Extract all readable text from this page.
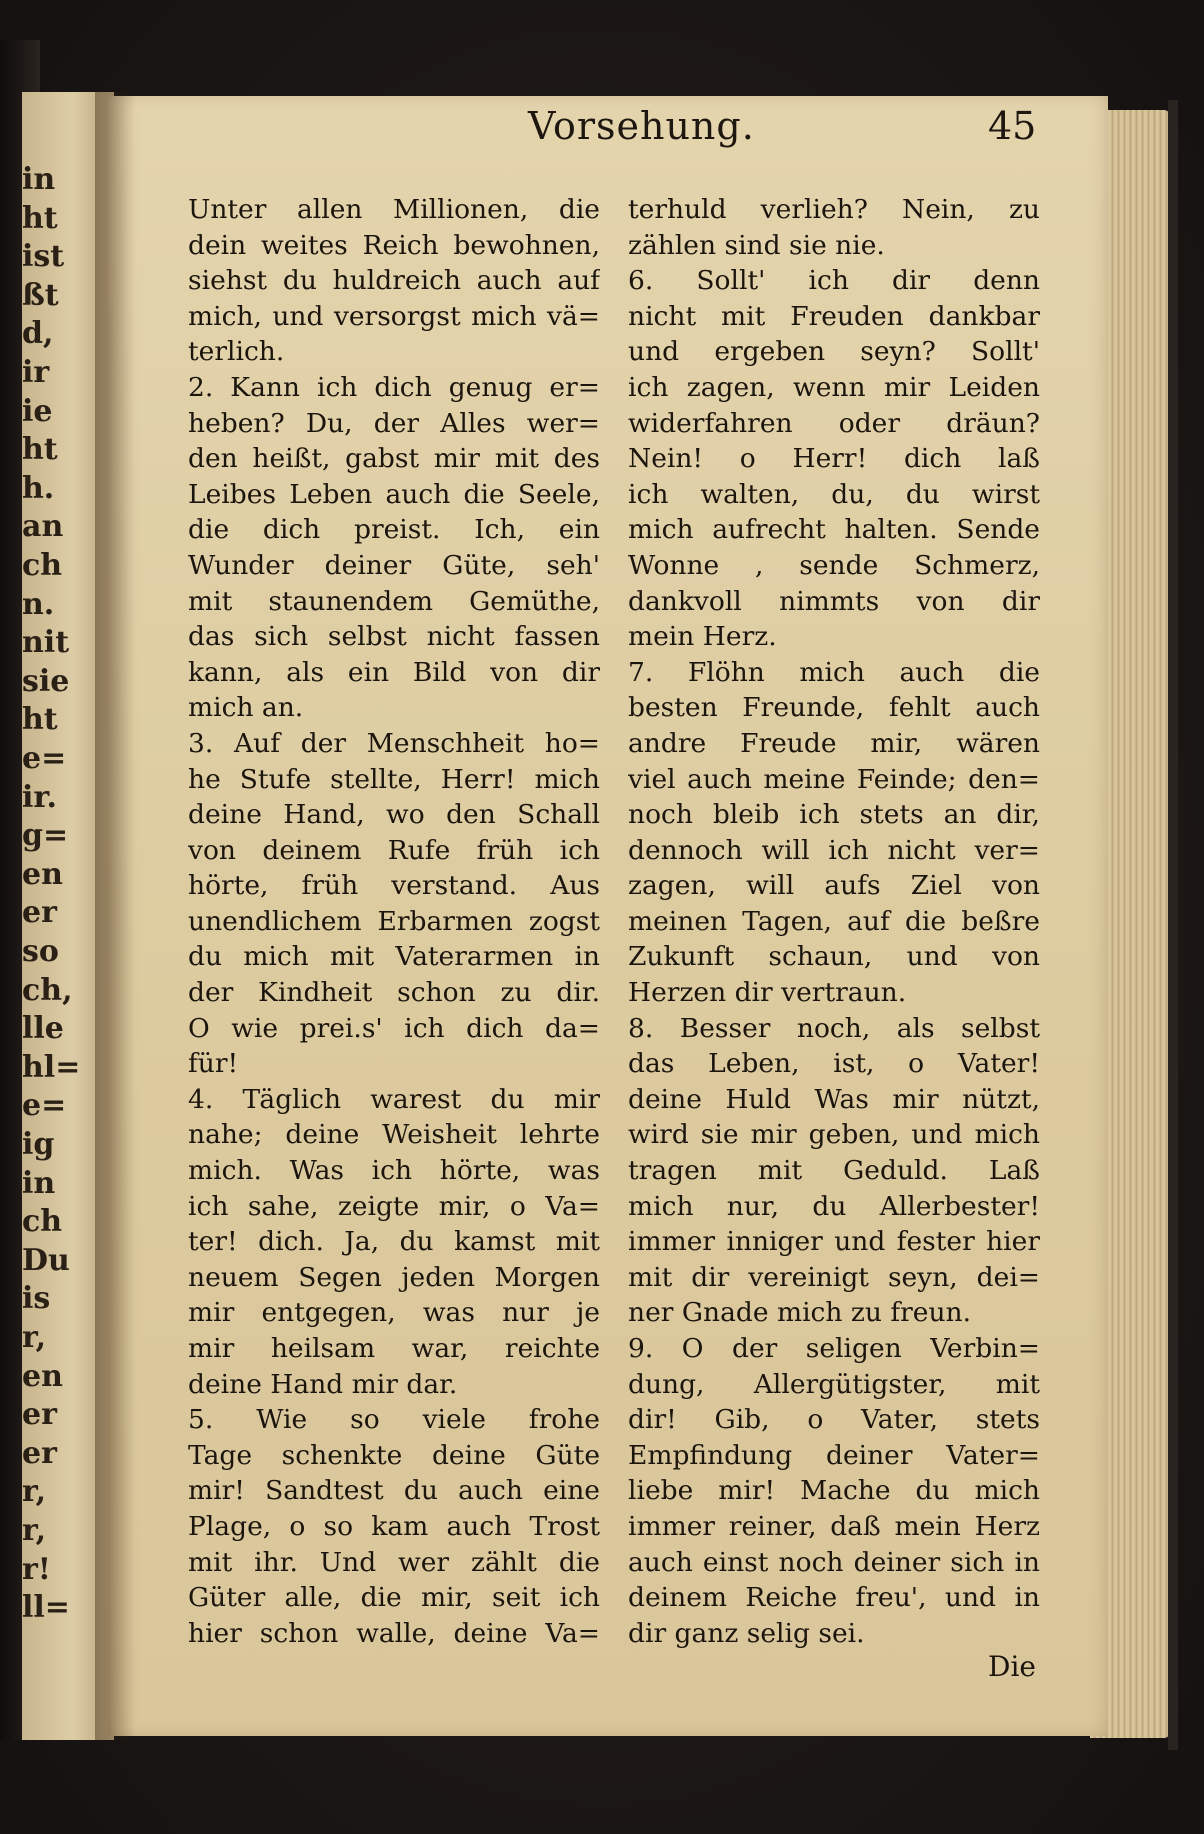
in
ht
ist
ßt
d,
ir
ie
ht
h.
an
ch
n.
nit
sie
ht
e=
ir.
g=
en
er
so
ch,
lle
hl=
e=
ig
in
ch
Du
is
r,
en
er
er
r,
r,
r!
ll=
Vorsehung.	45
Unter allen Millionen, die
dein weites Reich bewohnen,
siehst du huldreich auch auf
mich, und versorgst mich vä=
terlich.
2. Kann ich dich genug er=
heben? Du, der Alles wer=
den heißt, gabst mir mit des
Leibes Leben auch die Seele,
die dich preist. Ich, ein
Wunder deiner Güte, seh'
mit staunendem Gemüthe,
das sich selbst nicht fassen
kann, als ein Bild von dir
mich an.
3. Auf der Menschheit ho=
he Stufe stellte, Herr! mich
deine Hand, wo den Schall
von deinem Rufe früh ich
hörte, früh verstand. Aus
unendlichem Erbarmen zogst
du mich mit Vaterarmen in
der Kindheit schon zu dir.
O wie prei.s' ich dich da=
für!
4. Täglich warest du mir
nahe; deine Weisheit lehrte
mich. Was ich hörte, was
ich sahe, zeigte mir, o Va=
ter! dich. Ja, du kamst mit
neuem Segen jeden Morgen
mir entgegen, was nur je
mir heilsam war, reichte
deine Hand mir dar.
5. Wie so viele frohe
Tage schenkte deine Güte
mir! Sandtest du auch eine
Plage, o so kam auch Trost
mit ihr. Und wer zählt die
Güter alle, die mir, seit ich
hier schon walle, deine Va=
terhuld verlieh? Nein, zu
zählen sind sie nie.
6. Sollt' ich dir denn
nicht mit Freuden dankbar
und ergeben seyn? Sollt'
ich zagen, wenn mir Leiden
widerfahren oder dräun?
Nein! o Herr! dich laß
ich walten, du, du wirst
mich aufrecht halten. Sende
Wonne , sende Schmerz,
dankvoll nimmts von dir
mein Herz.
7. Flöhn mich auch die
besten Freunde, fehlt auch
andre Freude mir, wären
viel auch meine Feinde; den=
noch bleib ich stets an dir,
dennoch will ich nicht ver=
zagen, will aufs Ziel von
meinen Tagen, auf die beßre
Zukunft schaun, und von
Herzen dir vertraun.
8. Besser noch, als selbst
das Leben, ist, o Vater!
deine Huld Was mir nützt,
wird sie mir geben, und mich
tragen mit Geduld. Laß
mich nur, du Allerbester!
immer inniger und fester hier
mit dir vereinigt seyn, dei=
ner Gnade mich zu freun.
9. O der seligen Verbin=
dung, Allergütigster, mit
dir! Gib, o Vater, stets
Empfindung deiner Vater=
liebe mir! Mache du mich
immer reiner, daß mein Herz
auch einst noch deiner sich in
deinem Reiche freu', und in
dir ganz selig sei.
Die
